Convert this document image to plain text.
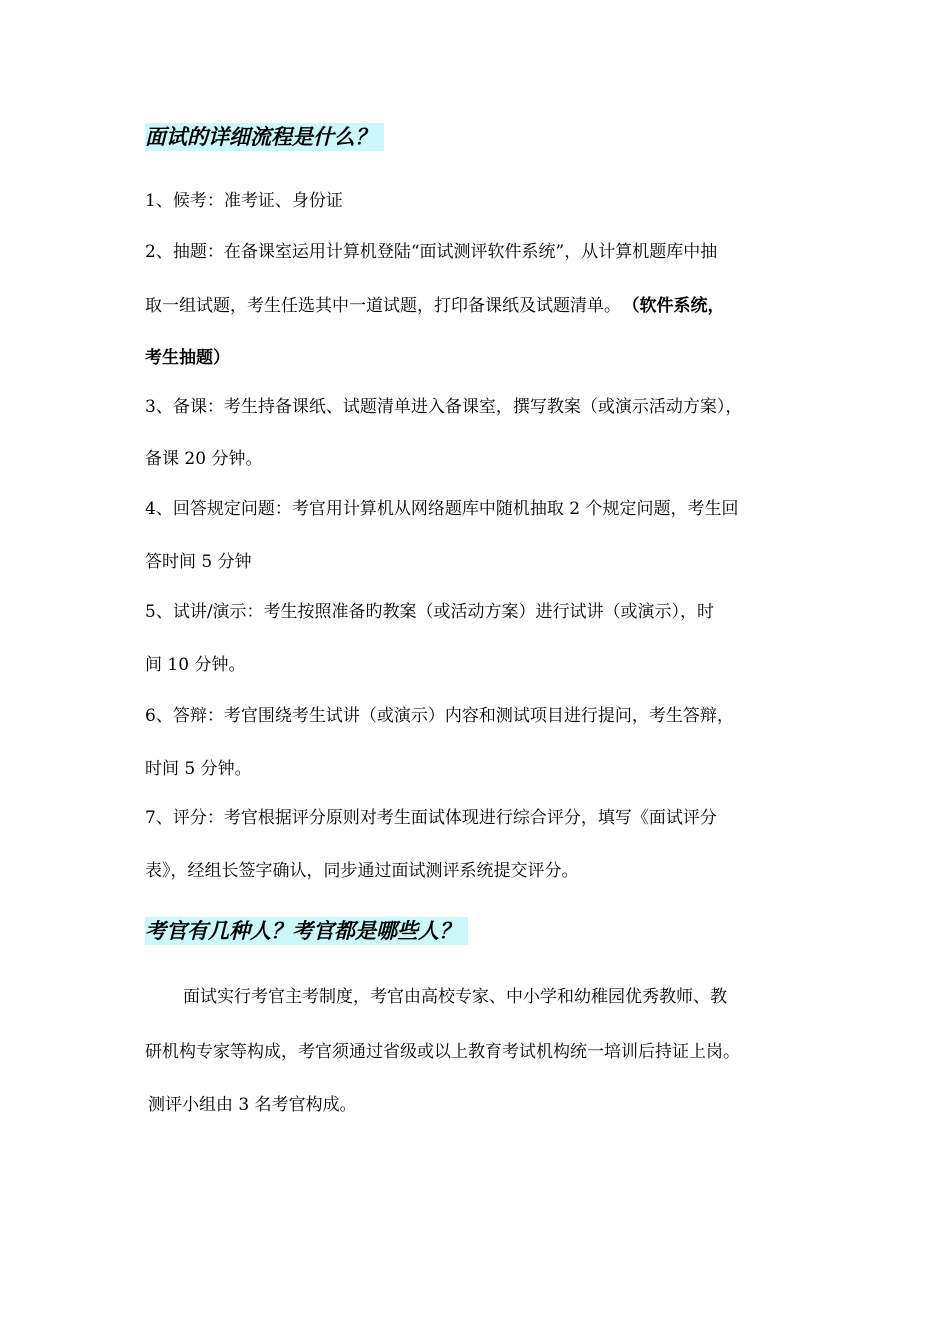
面试的详细流程是什么？
1、候考：准考证、身份证
2、抽题：在备课室运用计算机登陆“面试测评软件系统”，从计算机题库中抽
取一组试题，考生任选其中一道试题，打印备课纸及试题清单。 （软件系统，
考生抽题）
3、备课：考生持备课纸、试题清单进入备课室，撰写教案（或演示活动方案），
备课 20 分钟。
4、回答规定问题：考官用计算机从网络题库中随机抽取 2 个规定问题，考生回
答时间 5 分钟
5、试讲/演示：考生按照准备旳教案（或活动方案）进行试讲（或演示），时
间 10 分钟。
6、答辩：考官围绕考生试讲（或演示）内容和测试项目进行提问，考生答辩，
时间 5 分钟。
7、评分：考官根据评分原则对考生面试体现进行综合评分，填写《面试评分
表》，经组长签字确认，同步通过面试测评系统提交评分。
考官有几种人？考官都是哪些人？
面试实行考官主考制度，考官由高校专家、中小学和幼稚园优秀教师、教
研机构专家等构成，考官须通过省级或以上教育考试机构统一培训后持证上岗。
测评小组由 3 名考官构成。
